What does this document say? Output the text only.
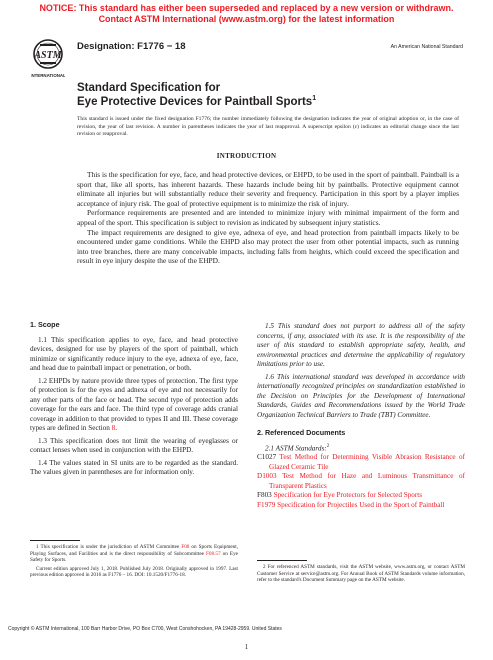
NOTICE: This standard has either been superseded and replaced by a new version or withdrawn.
Contact ASTM International (www.astm.org) for the latest information
ASTM
INTERNATIONAL
Designation: F1776 − 18	An American National Standard
Standard Specification for
Eye Protective Devices for Paintball Sports$^1$
This standard is issued under the fixed designation F1776; the number immediately following the designation indicates the year of original adoption or, in the case of revision, the year of last revision. A number in parentheses indicates the year of last reapproval. A superscript epsilon (ε) indicates an editorial change since the last revision or reapproval.
INTRODUCTION

This is the specification for eye, face, and head protective devices, or EHPD, to be used in the sport of paintball. Paintball is a sport that, like all sports, has inherent hazards. These hazards include being hit by paintballs. Protective equipment cannot eliminate all injuries but will substantially reduce their severity and frequency. Participation in this sport by a player implies acceptance of injury risk. The goal of protective equipment is to minimize the risk of injury.

Performance requirements are presented and are intended to minimize injury with minimal impairment of the form and appeal of the sport. This specification is subject to revision as indicated by subsequent injury statistics.

The impact requirements are designed to give eye, adnexa of eye, and head protection from paintball impacts likely to be encountered under game conditions. While the EHPD also may protect the user from other potential impacts, such as running into tree branches, there are many conceivable impacts, including falls from heights, which could exceed the specification and result in eye injury despite the use of the EHPD.

1. Scope

1.1 This specification applies to eye, face, and head protective devices, designed for use by players of the sport of paintball, which minimize or significantly reduce injury to the eye, adnexa of eye, face, and head due to paintball impact or penetration, or both.

1.2 EHPDs by nature provide three types of protection. The first type of protection is for the eyes and adnexa of eye and not necessarily for any other parts of the face or head. The second type of protection adds coverage for the ears and face. The third type of coverage adds cranial coverage in addition to that provided to types II and III. These coverage types are defined in Section 8.

1.3 This specification does not limit the wearing of eyeglasses or contact lenses when used in conjunction with the EHPD.

1.4 The values stated in SI units are to be regarded as the standard. The values given in parentheses are for information only.

1 This specification is under the jurisdiction of ASTM Committee F08 on Sports Equipment, Playing Surfaces, and Facilities and is the direct responsibility of Subcommittee F08.57 on Eye Safety for Sports.
Current edition approved July 1, 2018. Published July 2018. Originally approved in 1997. Last previous edition approved in 2016 as F1776 – 16. DOI: 10.1520/F1776-18.

1.5 This standard does not purport to address all of the safety concerns, if any, associated with its use. It is the responsibility of the user of this standard to establish appropriate safety, health, and environmental practices and determine the applicability of regulatory limitations prior to use.

1.6 This international standard was developed in accordance with internationally recognized principles on standardization established in the Decision on Principles for the Development of International Standards, Guides and Recommendations issued by the World Trade Organization Technical Barriers to Trade (TBT) Committee.

2. Referenced Documents

2.1 ASTM Standards:$^2$

C1027 Test Method for Determining Visible Abrasion Resistance of Glazed Ceramic Tile
D1003 Test Method for Haze and Luminous Transmittance of Transparent Plastics
F803 Specification for Eye Protectors for Selected Sports
F1979 Specification for Projectiles Used in the Sport of Paintball
2 For referenced ASTM standards, visit the ASTM website, www.astm.org, or contact ASTM Customer Service at service@astm.org. For Annual Book of ASTM Standards volume information, refer to the standard's Document Summary page on the ASTM website.
Copyright © ASTM International, 100 Barr Harbor Drive, PO Box C700, West Conshohocken, PA 19428-2959. United States
1
